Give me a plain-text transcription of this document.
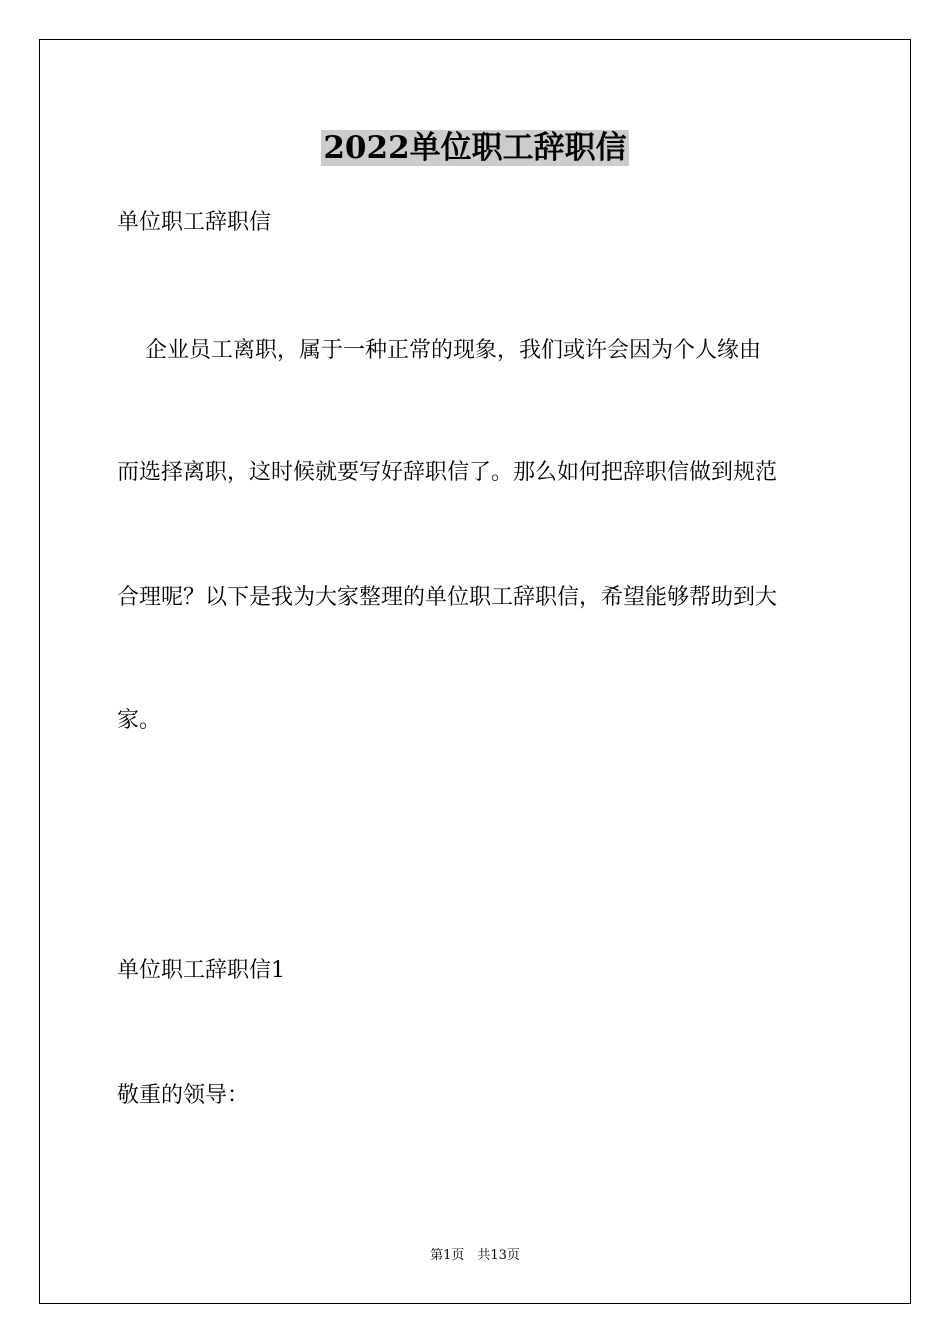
2022单位职工辞职信
单位职工辞职信
企业员工离职，属于一种正常的现象，我们或许会因为个人缘由
而选择离职，这时候就要写好辞职信了。那么如何把辞职信做到规范
合理呢？以下是我为大家整理的单位职工辞职信，希望能够帮助到大
家。
单位职工辞职信1
敬重的领导：
第1页　共13页
